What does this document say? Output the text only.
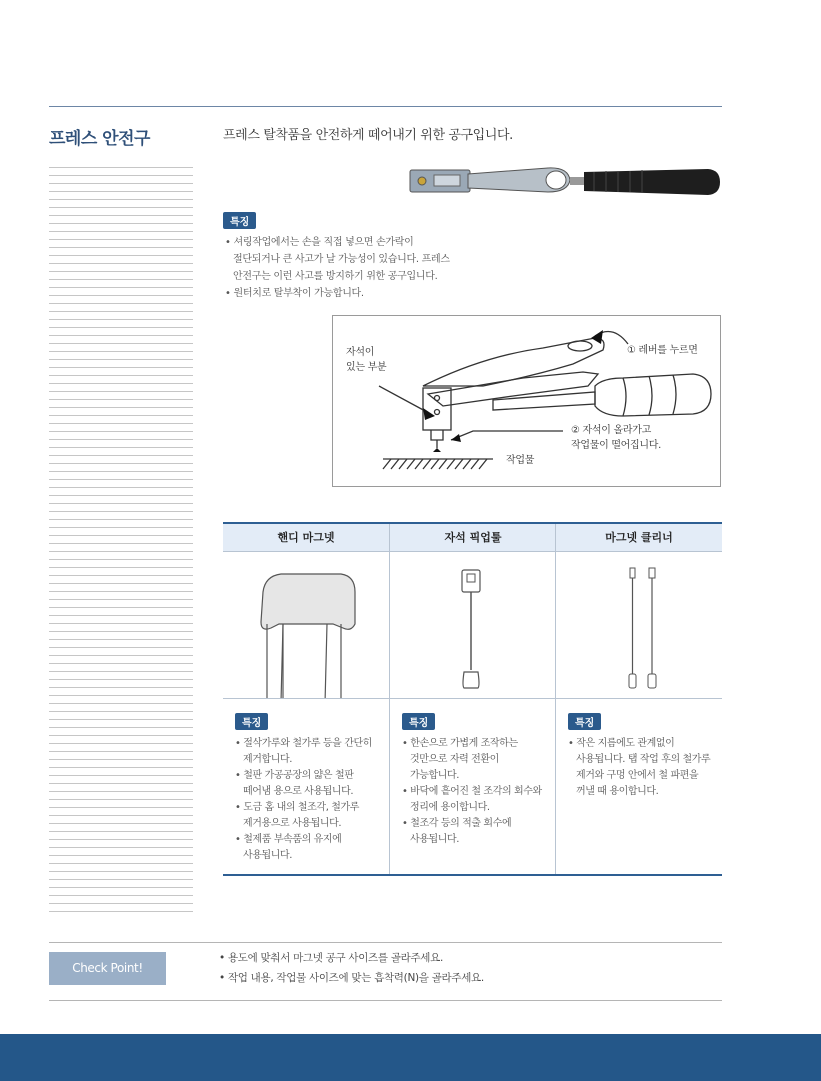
프레스 안전구	프레스 탈착품을 안전하게 떼어내기 위한 공구입니다.
특징
• 셔링작업에서는 손을 직접 넣으면 손가락이
절단되거나 큰 사고가 날 가능성이 있습니다. 프레스
안전구는 이런 사고를 방지하기 위한 공구입니다.
• 원터치로 탈부착이 가능합니다.
자석이
있는 부분
① 레버를 누르면
② 자석이 올라가고
작업물이 떨어집니다.
작업물
핸디 마그넷
특징
• 절삭가루와 철가루 등을 간단히
제거합니다.
• 철판 가공공장의 얇은 철판
떼어냄 용으로 사용됩니다.
• 도금 홈 내의 철조각, 철가루
제거용으로 사용됩니다.
• 철제품 부속품의 유지에
사용됩니다.
자석 픽업툴
특징
• 한손으로 가볍게 조작하는
것만으로 자력 전환이
가능합니다.
• 바닥에 흩어진 철 조각의 회수와
정리에 용이합니다.
• 철조각 등의 적출 회수에
사용됩니다.
마그넷 클리너
특징
• 작은 지름에도 관계없이
사용됩니다. 탭 작업 후의 철가루
제거와 구멍 안에서 철 파편을
꺼낼 때 용이합니다.
Check Point!
• 용도에 맞춰서 마그넷 공구 사이즈를 골라주세요.
• 작업 내용, 작업물 사이즈에 맞는 흡착력(N)을 골라주세요.
